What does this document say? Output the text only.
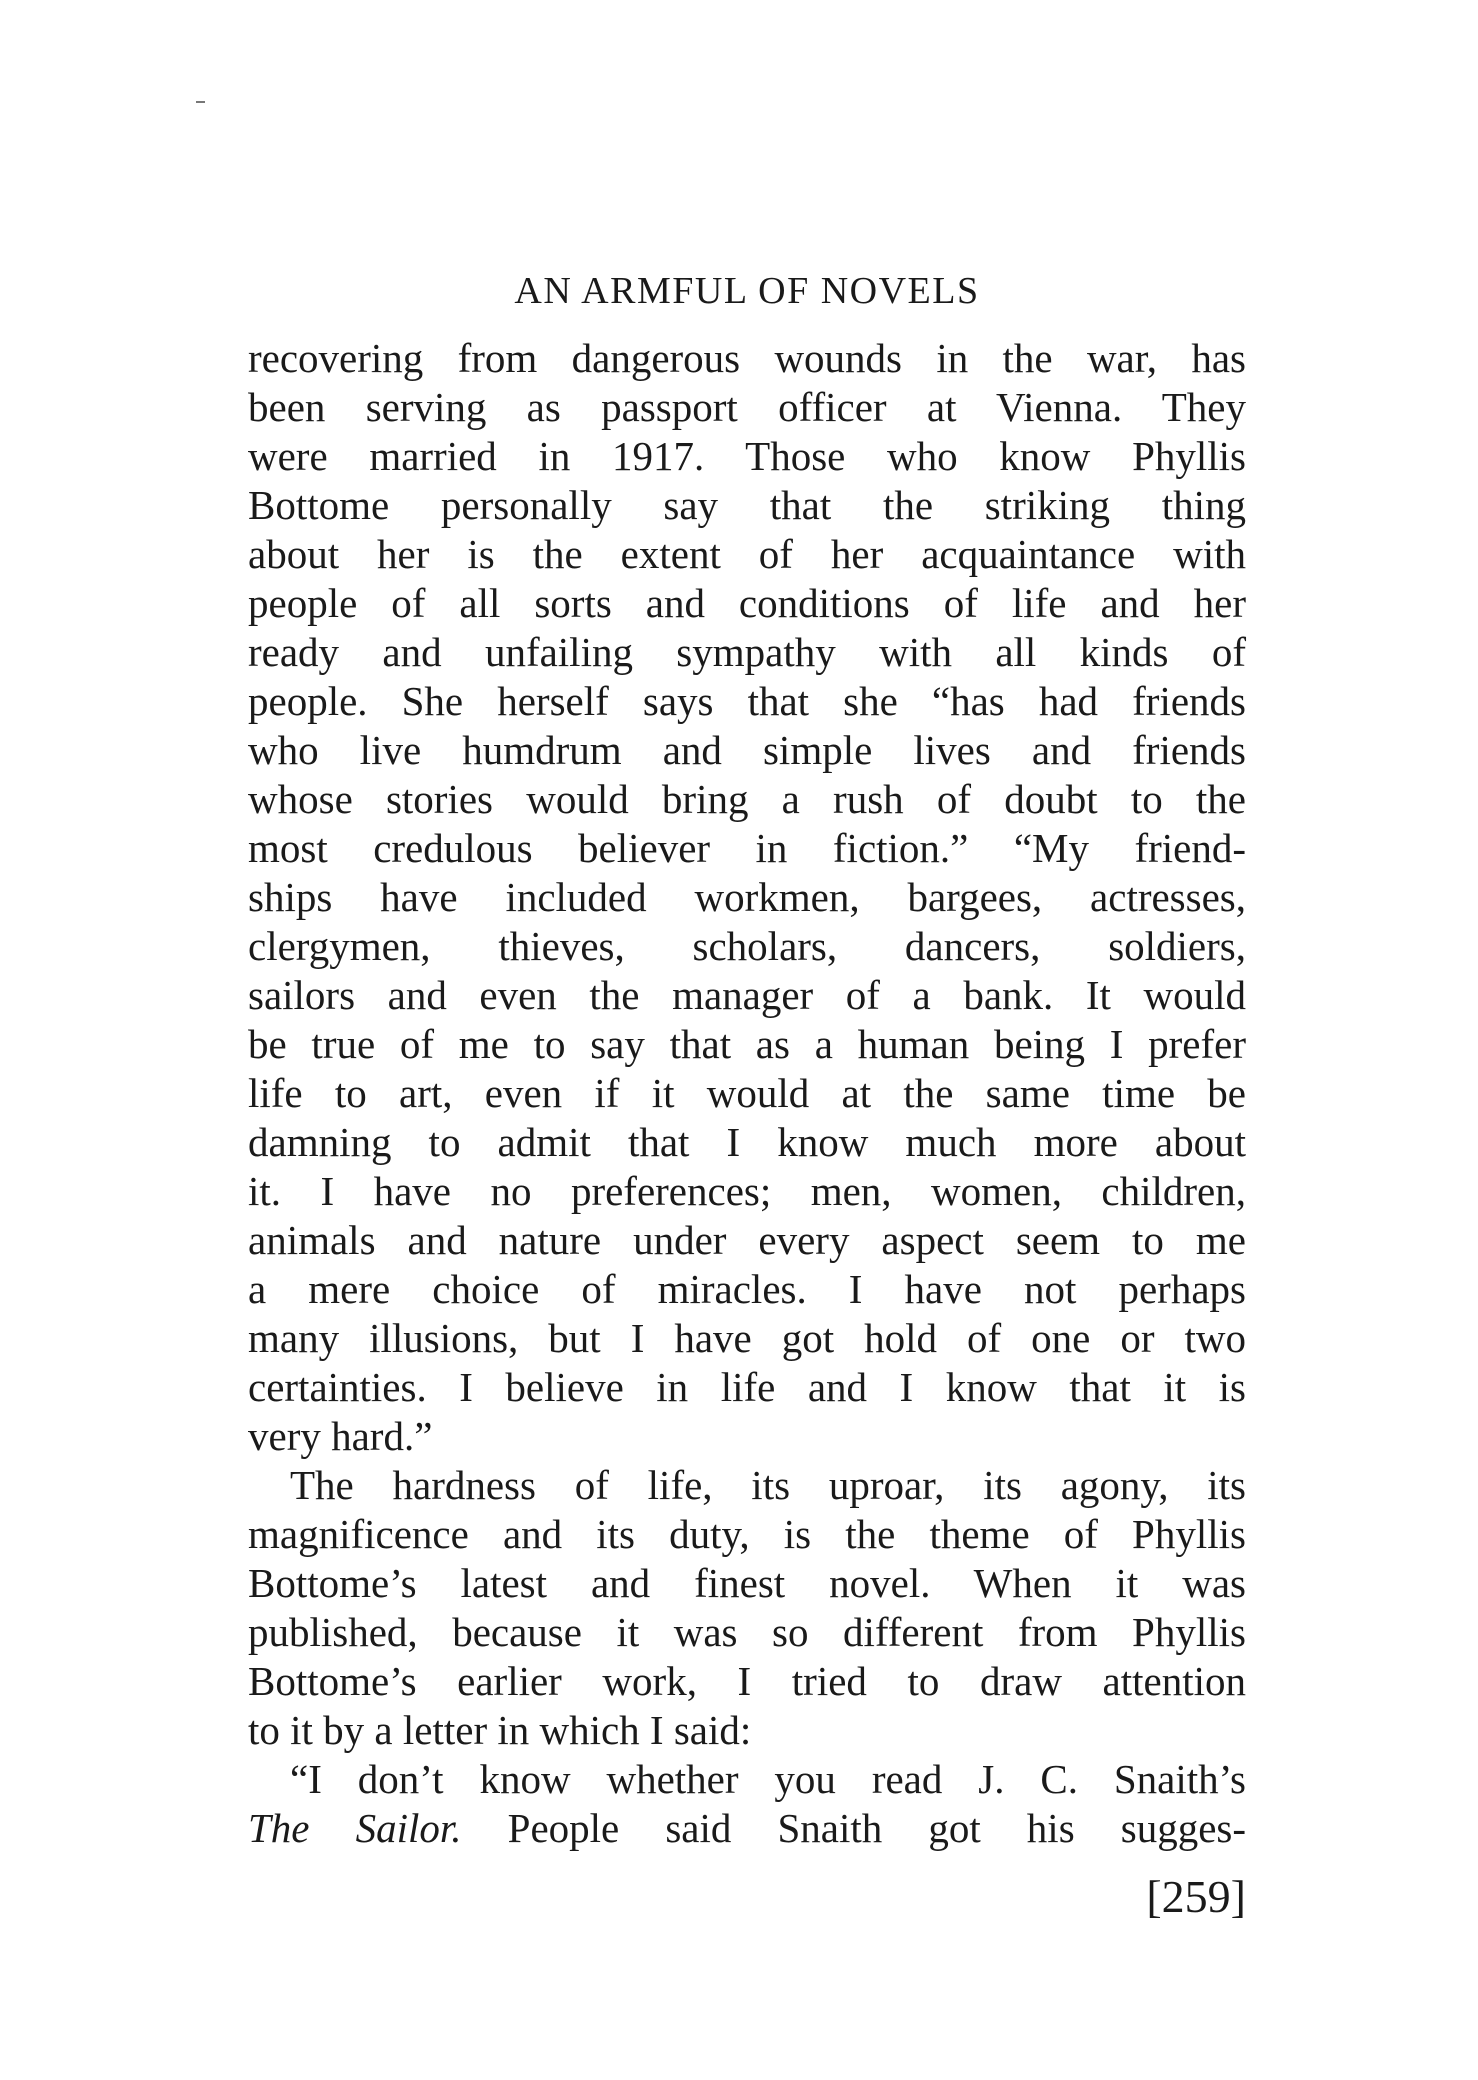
AN ARMFUL OF NOVELS
recovering from dangerous wounds in the war, has
been serving as passport officer at Vienna. They
were married in 1917. Those who know Phyllis
Bottome personally say that the striking thing
about her is the extent of her acquaintance with
people of all sorts and conditions of life and her
ready and unfailing sympathy with all kinds of
people. She herself says that she “has had friends
who live humdrum and simple lives and friends
whose stories would bring a rush of doubt to the
most credulous believer in fiction.” “My friend-
ships have included workmen, bargees, actresses,
clergymen, thieves, scholars, dancers, soldiers,
sailors and even the manager of a bank. It would
be true of me to say that as a human being I prefer
life to art, even if it would at the same time be
damning to admit that I know much more about
it. I have no preferences; men, women, children,
animals and nature under every aspect seem to me
a mere choice of miracles. I have not perhaps
many illusions, but I have got hold of one or two
certainties. I believe in life and I know that it is
very hard.”
The hardness of life, its uproar, its agony, its
magnificence and its duty, is the theme of Phyllis
Bottome’s latest and finest novel. When it was
published, because it was so different from Phyllis
Bottome’s earlier work, I tried to draw attention
to it by a letter in which I said:
“I don’t know whether you read J. C. Snaith’s
The Sailor. People said Snaith got his sugges-
[259]
